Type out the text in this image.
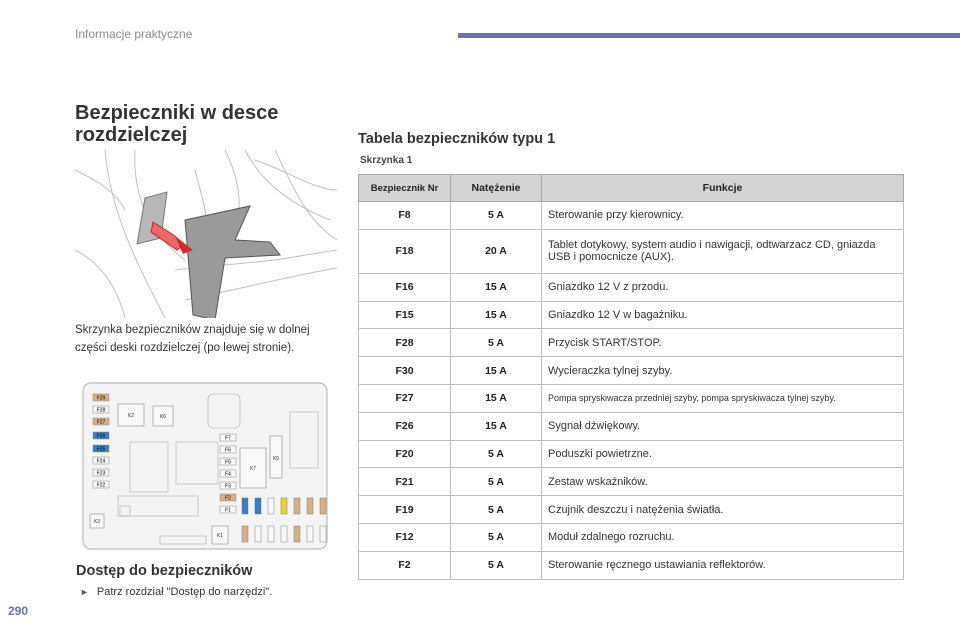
Informacje praktyczne
Bezpieczniki w desce
rozdzielczej
Skrzynka bezpieczników znajduje się w dolnej części deski rozdzielczej (po lewej stronie).
F29
F28
F27
F26
F25
F24
F23
F22
K2	K6
K7
K5
K3
K1
F7
F6
F5
F4
F3
F2
F1
Dostęp do bezpieczników
► Patrz rozdział "Dostęp do narzędzi".
Tabela bezpieczników typu 1
Skrzynka 1
Bezpiecznik Nr	Natężenie	Funkcje
F8	5 A	Sterowanie przy kierownicy.
F18	20 A	Tablet dotykowy, system audio i nawigacji, odtwarzacz CD, gniazda USB i pomocnicze (AUX).
F16	15 A	Gniazdko 12 V z przodu.
F15	15 A	Gniazdko 12 V w bagażniku.
F28	5 A	Przycisk START/STOP.
F30	15 A	Wycieraczka tylnej szyby.
F27	15 A	Pompa spryskiwacza przedniej szyby, pompa spryskiwacza tylnej szyby.
F26	15 A	Sygnał dźwiękowy.
F20	5 A	Poduszki powietrzne.
F21	5 A	Zestaw wskaźników.
F19	5 A	Czujnik deszczu i natężenia światła.
F12	5 A	Moduł zdalnego rozruchu.
F2	5 A	Sterowanie ręcznego ustawiania reflektorów.
290
